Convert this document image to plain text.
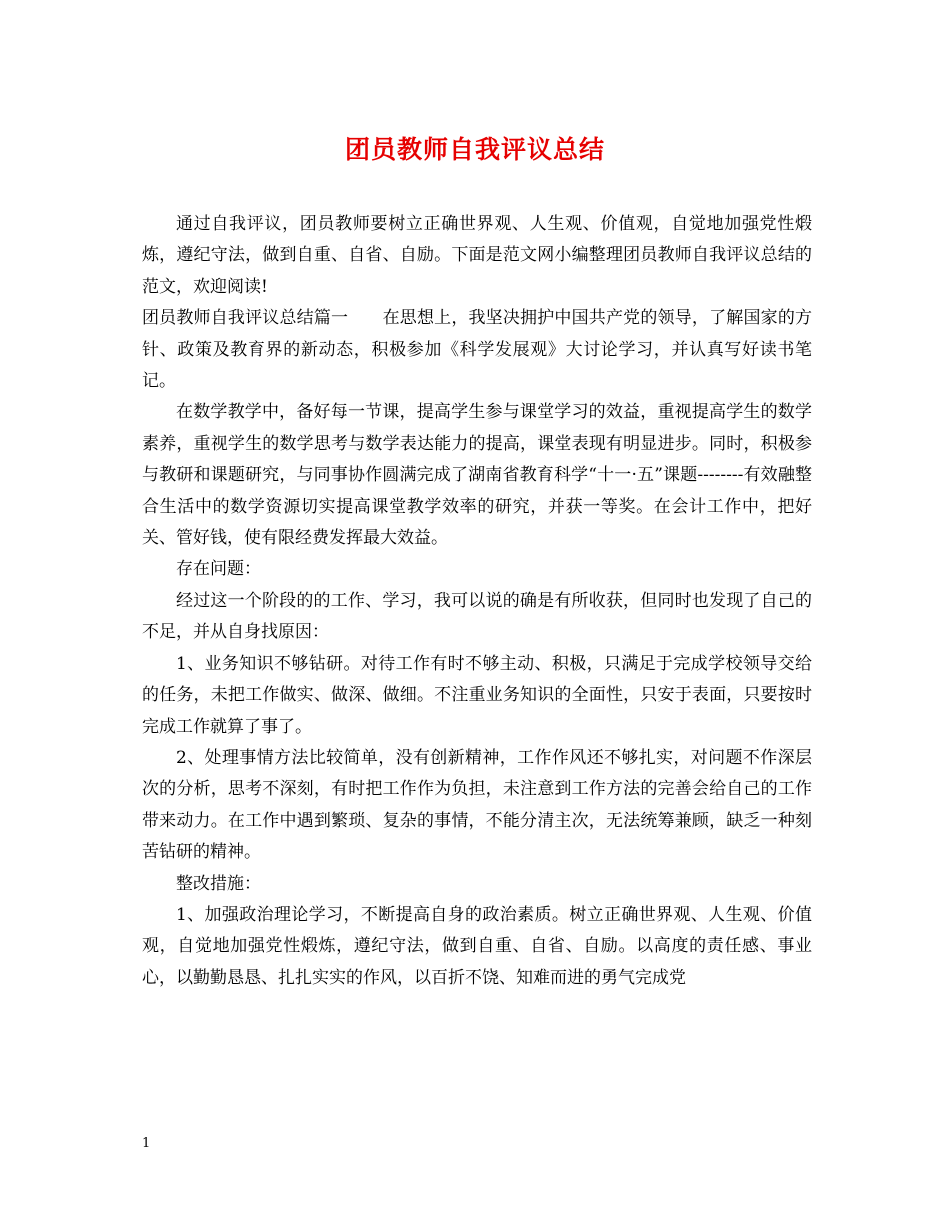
团员教师自我评议总结

通过自我评议，团员教师要树立正确世界观、人生观、价值观，自觉地加强党性煅炼，遵纪守法，做到自重、自省、自励。下面是范文网小编整理团员教师自我评议总结的范文，欢迎阅读!

团员教师自我评议总结篇一　　在思想上，我坚决拥护中国共产党的领导，了解国家的方针、政策及教育界的新动态，积极参加《科学发展观》大讨论学习，并认真写好读书笔记。

在数学教学中，备好每一节课，提高学生参与课堂学习的效益，重视提高学生的数学素养，重视学生的数学思考与数学表达能力的提高，课堂表现有明显进步。同时，积极参与教研和课题研究，与同事协作圆满完成了湖南省教育科学“十一·五”课题--------有效融整合生活中的数学资源切实提高课堂教学效率的研究，并获一等奖。在会计工作中，把好关、管好钱，使有限经费发挥最大效益。

存在问题：

经过这一个阶段的的工作、学习，我可以说的确是有所收获，但同时也发现了自己的不足，并从自身找原因：

1、业务知识不够钻研。对待工作有时不够主动、积极，只满足于完成学校领导交给的任务，未把工作做实、做深、做细。不注重业务知识的全面性，只安于表面，只要按时完成工作就算了事了。

2、处理事情方法比较简单，没有创新精神，工作作风还不够扎实，对问题不作深层次的分析，思考不深刻，有时把工作作为负担，未注意到工作方法的完善会给自己的工作带来动力。在工作中遇到繁琐、复杂的事情，不能分清主次，无法统筹兼顾，缺乏一种刻苦钻研的精神。

整改措施：

1、加强政治理论学习，不断提高自身的政治素质。树立正确世界观、人生观、价值观，自觉地加强党性煅炼，遵纪守法，做到自重、自省、自励。以高度的责任感、事业心，以勤勤恳恳、扎扎实实的作风，以百折不饶、知难而进的勇气完成党

1
